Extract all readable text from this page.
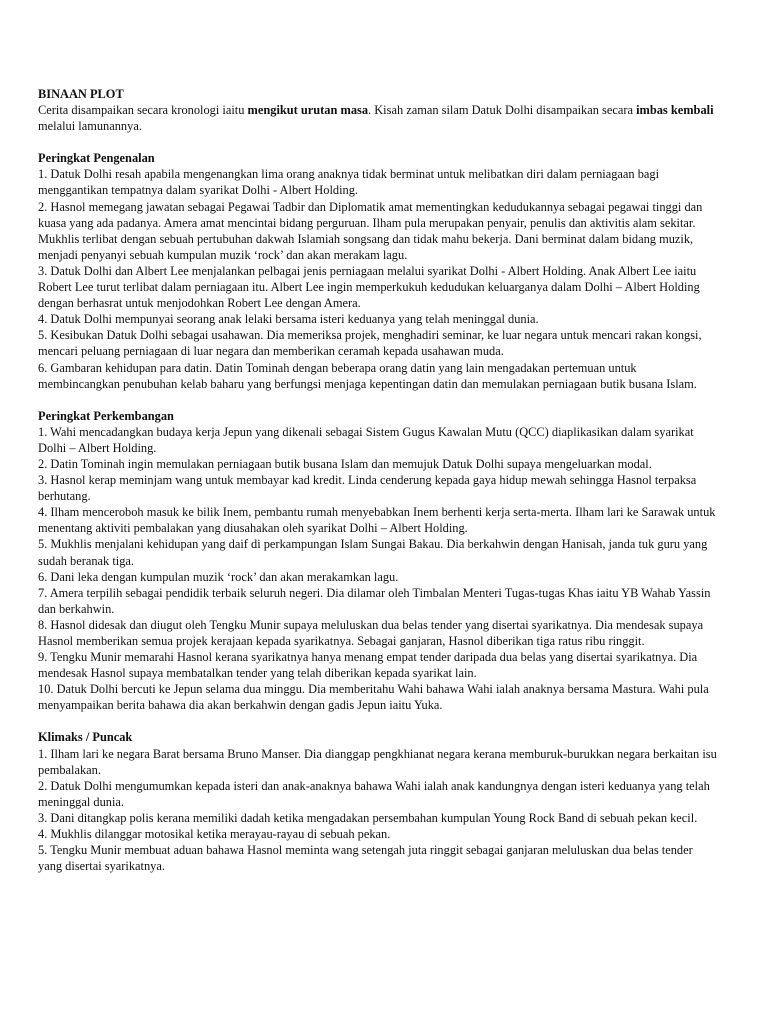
BINAAN PLOT

Cerita disampaikan secara kronologi iaitu mengikut urutan masa. Kisah zaman silam Datuk Dolhi disampaikan secara imbas kembali melalui lamunannya.

Peringkat Pengenalan

1. Datuk Dolhi resah apabila mengenangkan lima orang anaknya tidak berminat untuk melibatkan diri dalam perniagaan bagi menggantikan tempatnya dalam syarikat Dolhi - Albert Holding.

2. Hasnol memegang jawatan sebagai Pegawai Tadbir dan Diplomatik amat mementingkan kedudukannya sebagai pegawai tinggi dan kuasa yang ada padanya. Amera amat mencintai bidang perguruan. Ilham pula merupakan penyair, penulis dan aktivitis alam sekitar. Mukhlis terlibat dengan sebuah pertubuhan dakwah Islamiah songsang dan tidak mahu bekerja. Dani berminat dalam bidang muzik, menjadi penyanyi sebuah kumpulan muzik ‘rock’ dan akan merakam lagu.

3. Datuk Dolhi dan Albert Lee menjalankan pelbagai jenis perniagaan melalui syarikat Dolhi - Albert Holding. Anak Albert Lee iaitu Robert Lee turut terlibat dalam perniagaan itu. Albert Lee ingin memperkukuh kedudukan keluarganya dalam Dolhi – Albert Holding dengan berhasrat untuk menjodohkan Robert Lee dengan Amera.

4. Datuk Dolhi mempunyai seorang anak lelaki bersama isteri keduanya yang telah meninggal dunia.

5. Kesibukan Datuk Dolhi sebagai usahawan. Dia memeriksa projek, menghadiri seminar, ke luar negara untuk mencari rakan kongsi, mencari peluang perniagaan di luar negara dan memberikan ceramah kepada usahawan muda.

6. Gambaran kehidupan para datin. Datin Tominah dengan beberapa orang datin yang lain mengadakan pertemuan untuk membincangkan penubuhan kelab baharu yang berfungsi menjaga kepentingan datin dan memulakan perniagaan butik busana Islam.

Peringkat Perkembangan

1. Wahi mencadangkan budaya kerja Jepun yang dikenali sebagai Sistem Gugus Kawalan Mutu (QCC) diaplikasikan dalam syarikat Dolhi – Albert Holding.

2. Datin Tominah ingin memulakan perniagaan butik busana Islam dan memujuk Datuk Dolhi supaya mengeluarkan modal.

3. Hasnol kerap meminjam wang untuk membayar kad kredit. Linda cenderung kepada gaya hidup mewah sehingga Hasnol terpaksa berhutang.

4. Ilham menceroboh masuk ke bilik Inem, pembantu rumah menyebabkan Inem berhenti kerja serta-merta. Ilham lari ke Sarawak untuk menentang aktiviti pembalakan yang diusahakan oleh syarikat Dolhi – Albert Holding.

5. Mukhlis menjalani kehidupan yang daif di perkampungan Islam Sungai Bakau. Dia berkahwin dengan Hanisah, janda tuk guru yang sudah beranak tiga.

6. Dani leka dengan kumpulan muzik ‘rock’ dan akan merakamkan lagu.

7. Amera terpilih sebagai pendidik terbaik seluruh negeri. Dia dilamar oleh Timbalan Menteri Tugas-tugas Khas iaitu YB Wahab Yassin dan berkahwin.

8. Hasnol didesak dan diugut oleh Tengku Munir supaya meluluskan dua belas tender yang disertai syarikatnya. Dia mendesak supaya Hasnol memberikan semua projek kerajaan kepada syarikatnya. Sebagai ganjaran, Hasnol diberikan tiga ratus ribu ringgit.

9. Tengku Munir memarahi Hasnol kerana syarikatnya hanya menang empat tender daripada dua belas yang disertai syarikatnya. Dia mendesak Hasnol supaya membatalkan tender yang telah diberikan kepada syarikat lain.

10. Datuk Dolhi bercuti ke Jepun selama dua minggu. Dia memberitahu Wahi bahawa Wahi ialah anaknya bersama Mastura. Wahi pula menyampaikan berita bahawa dia akan berkahwin dengan gadis Jepun iaitu Yuka.

Klimaks / Puncak

1. Ilham lari ke negara Barat bersama Bruno Manser. Dia dianggap pengkhianat negara kerana memburuk-burukkan negara berkaitan isu pembalakan.

2. Datuk Dolhi mengumumkan kepada isteri dan anak-anaknya bahawa Wahi ialah anak kandungnya dengan isteri keduanya yang telah meninggal dunia.

3. Dani ditangkap polis kerana memiliki dadah ketika mengadakan persembahan kumpulan Young Rock Band di sebuah pekan kecil.

4. Mukhlis dilanggar motosikal ketika merayau-rayau di sebuah pekan.

5. Tengku Munir membuat aduan bahawa Hasnol meminta wang setengah juta ringgit sebagai ganjaran meluluskan dua belas tender yang disertai syarikatnya.
